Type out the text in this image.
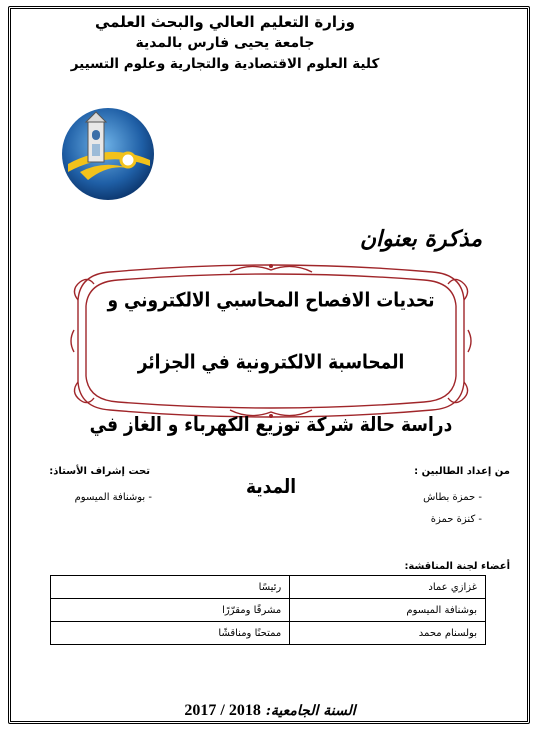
وزارة التعليم العالي والبحث العلمي
جامعة يحيى فارس بالمدية
كلية العلوم الاقتصادية والتجارية وعلوم التسيير
مذكرة بعنوان
تحديات الافصاح المحاسبي الالكتروني و المحاسبة الالكترونية في الجزائر
دراسة حالة شركة توزيع الكهرباء و الغاز في المدية
من إعداد الطالبين :
- حمزة بطاش
- كنزة حمزة
تحت إشراف الأستاذ:
- بوشنافة الميسوم
أعضاء لجنة المناقشة:
غزازي عماد	رئيسًا
بوشنافة الميسوم	مشرفًا ومقرّرًا
بولسنام محمد	ممتحنًا ومناقشًا
السنة الجامعية: 2018 / 2017
